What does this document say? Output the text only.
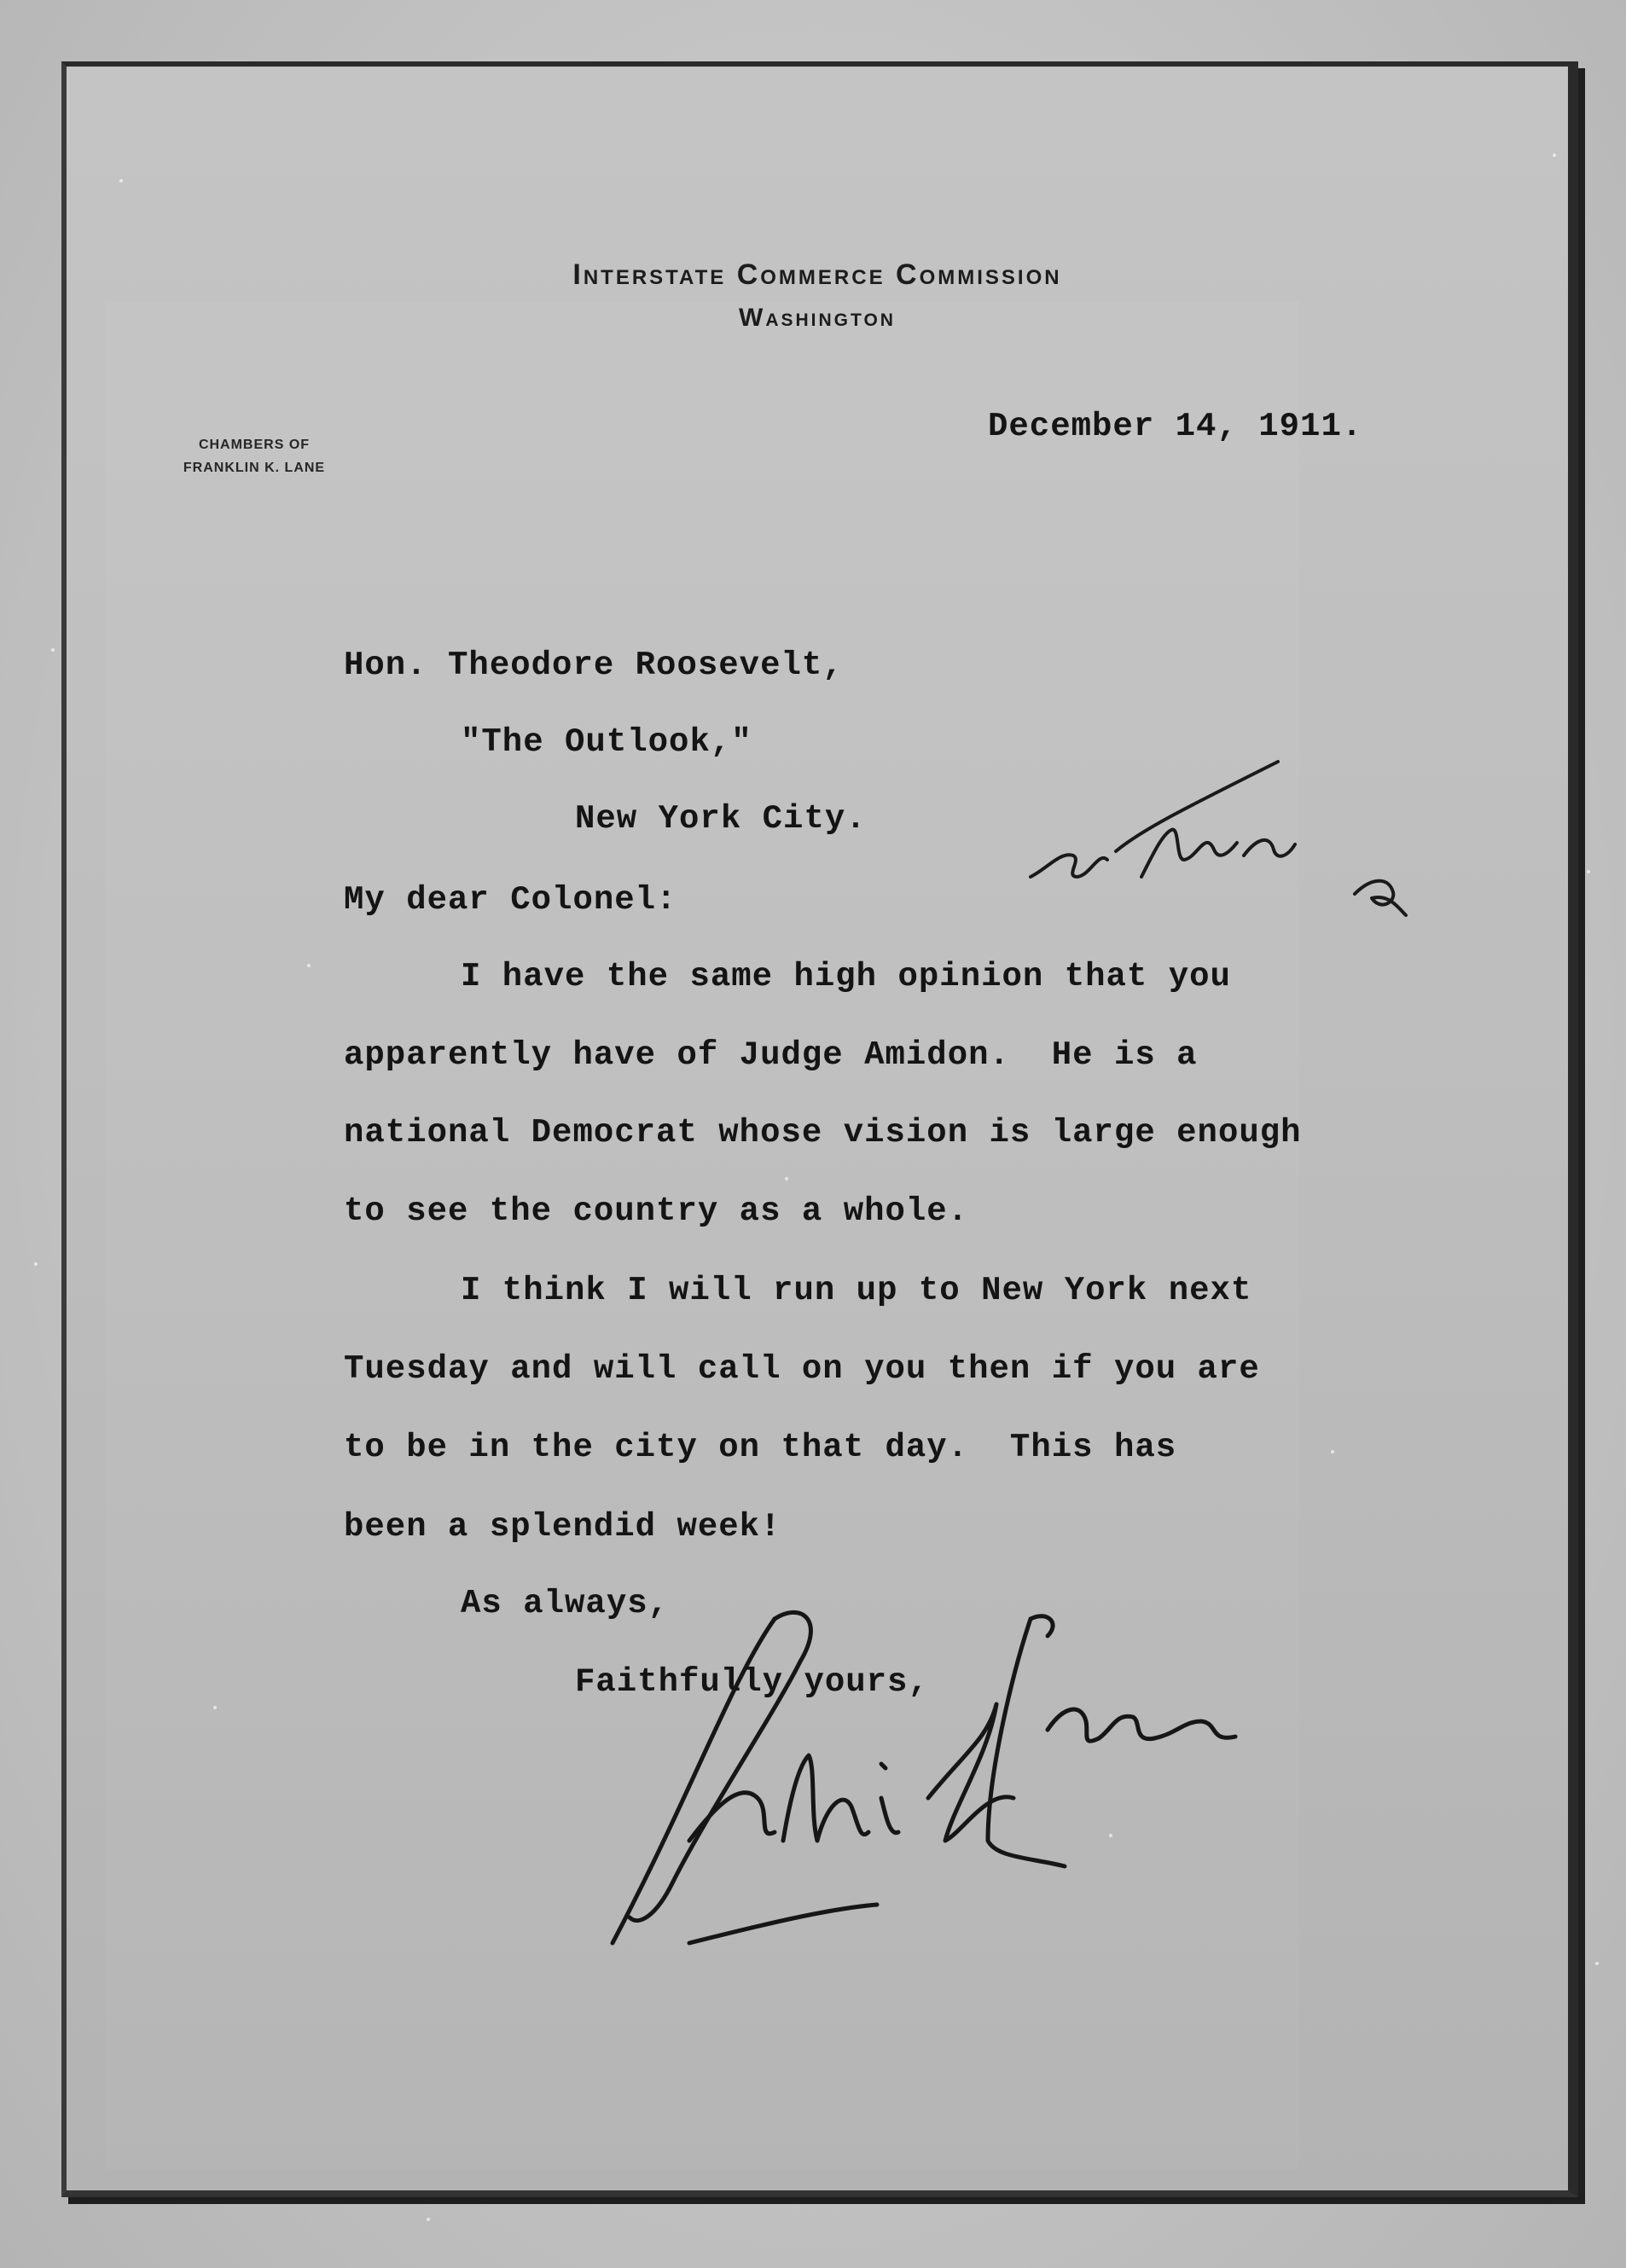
Interstate Commerce Commission
Washington
CHAMBERS OF
FRANKLIN K. LANE
December 14, 1911.
Hon. Theodore Roosevelt,
"The Outlook,"
New York City.
My dear Colonel:
I have the same high opinion that you
apparently have of Judge Amidon.  He is a
national Democrat whose vision is large enough
to see the country as a whole.
I think I will run up to New York next
Tuesday and will call on you then if you are
to be in the city on that day.  This has
been a splendid week!
As always,
Faithfully yours,
